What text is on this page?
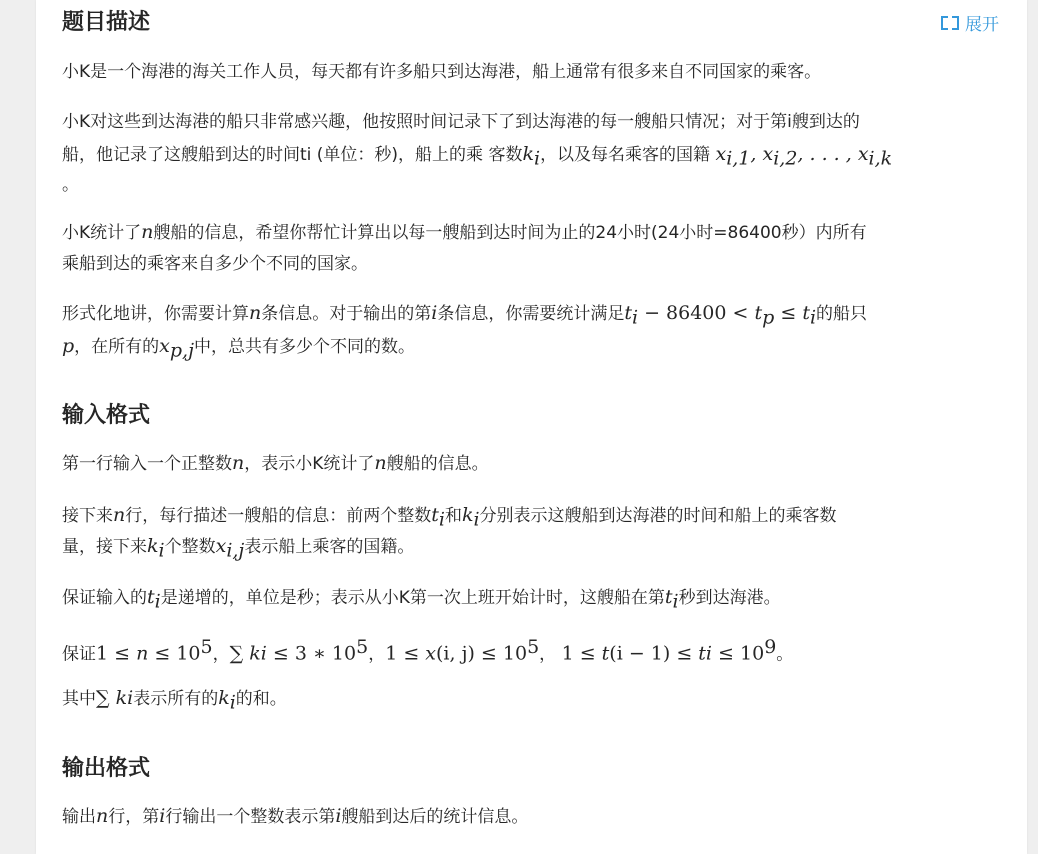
展开
题目描述
小K是一个海港的海关工作人员，每天都有许多船只到达海港，船上通常有很多来自不同国家的乘客。
小K对这些到达海港的船只非常感兴趣，他按照时间记录下了到达海港的每一艘船只情况；对于第i艘到达的
船，他记录了这艘船到达的时间ti (单位：秒)，船上的乘 客数$k_i$，以及每名乘客的国籍 $x_{i,1}$, $x_{i,2}$, . . . , $x_{i,k}$
。
小K统计了n艘船的信息，希望你帮忙计算出以每一艘船到达时间为止的24小时(24小时=86400秒）内所有
乘船到达的乘客来自多少个不同的国家。
形式化地讲，你需要计算n条信息。对于输出的第i条信息，你需要统计满足$t_i - 86400 < t_p \le t_i$的船只
p，在所有的$x_{p,j}$中，总共有多少个不同的数。
输入格式
第一行输入一个正整数n，表示小K统计了n艘船的信息。
接下来n行，每行描述一艘船的信息：前两个整数$t_i$和$k_i$分别表示这艘船到达海港的时间和船上的乘客数
量，接下来$k_i$个整数$x_{i,j}$表示船上乘客的国籍。
保证输入的$t_i$是递增的，单位是秒；表示从小K第一次上班开始计时，这艘船在第$t_i$秒到达海港。
保证$1 \le n \le 10^5$，∑ ki ≤ 3 ∗ $10^5$，1 ≤ x(i, $j) \le 10^5$， 1 ≤ t(i − 1) ≤ ti ≤ $10^9$。
其中∑ ki表示所有的$k_i$的和。
输出格式
输出n行，第i行输出一个整数表示第i艘船到达后的统计信息。
